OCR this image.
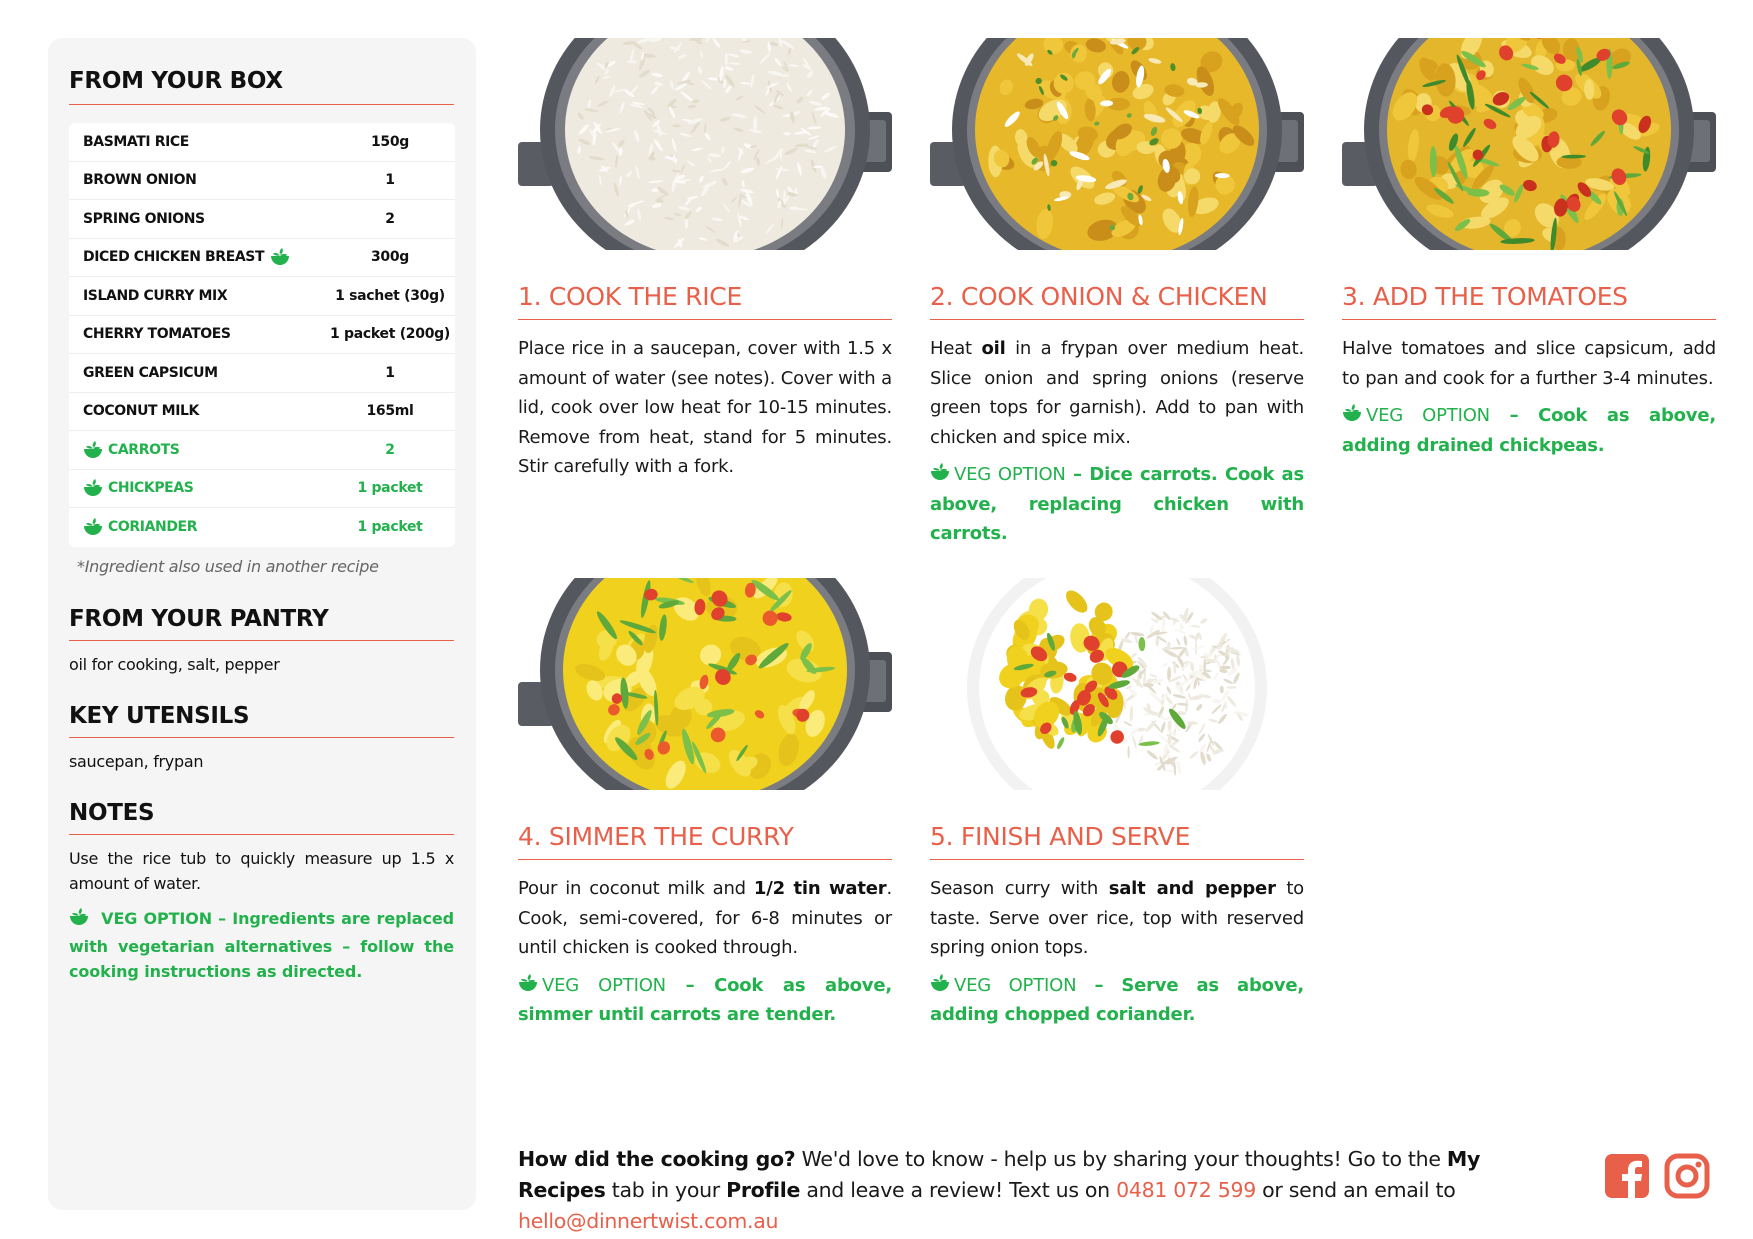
FROM YOUR BOX
BASMATI RICE	150g
BROWN ONION	1
SPRING ONIONS	2
DICED CHICKEN BREAST	300g
ISLAND CURRY MIX	1 sachet (30g)
CHERRY TOMATOES	1 packet (200g)
GREEN CAPSICUM	1
COCONUT MILK	165ml
CARROTS	2
CHICKPEAS	1 packet
CORIANDER	1 packet
*Ingredient also used in another recipe
FROM YOUR PANTRY
oil for cooking, salt, pepper
KEY UTENSILS
saucepan, frypan
NOTES
Use the rice tub to quickly measure up 1.5 x amount of water.
VEG OPTION – Ingredients are replaced with vegetarian alternatives – follow the cooking instructions as directed.
1. COOK THE RICE
Place rice in a saucepan, cover with 1.5 x amount of water (see notes). Cover with a lid, cook over low heat for 10-15 minutes. Remove from heat, stand for 5 minutes. Stir carefully with a fork.
2. COOK ONION & CHICKEN
Heat oil in a frypan over medium heat. Slice onion and spring onions (reserve green tops for garnish). Add to pan with chicken and spice mix.
VEG OPTION – Dice carrots. Cook as above, replacing chicken with carrots.
3. ADD THE TOMATOES
Halve tomatoes and slice capsicum, add to pan and cook for a further 3-4 minutes.
VEG OPTION – Cook as above, adding drained chickpeas.
4. SIMMER THE CURRY
Pour in coconut milk and 1/2 tin water. Cook, semi-covered, for 6-8 minutes or until chicken is cooked through.
VEG OPTION – Cook as above, simmer until carrots are tender.
5. FINISH AND SERVE
Season curry with salt and pepper to taste. Serve over rice, top with reserved spring onion tops.
VEG OPTION – Serve as above, adding chopped coriander.
How did the cooking go? We'd love to know - help us by sharing your thoughts! Go to the My Recipes tab in your Profile and leave a review! Text us on 0481 072 599 or send an email to hello@dinnertwist.com.au
